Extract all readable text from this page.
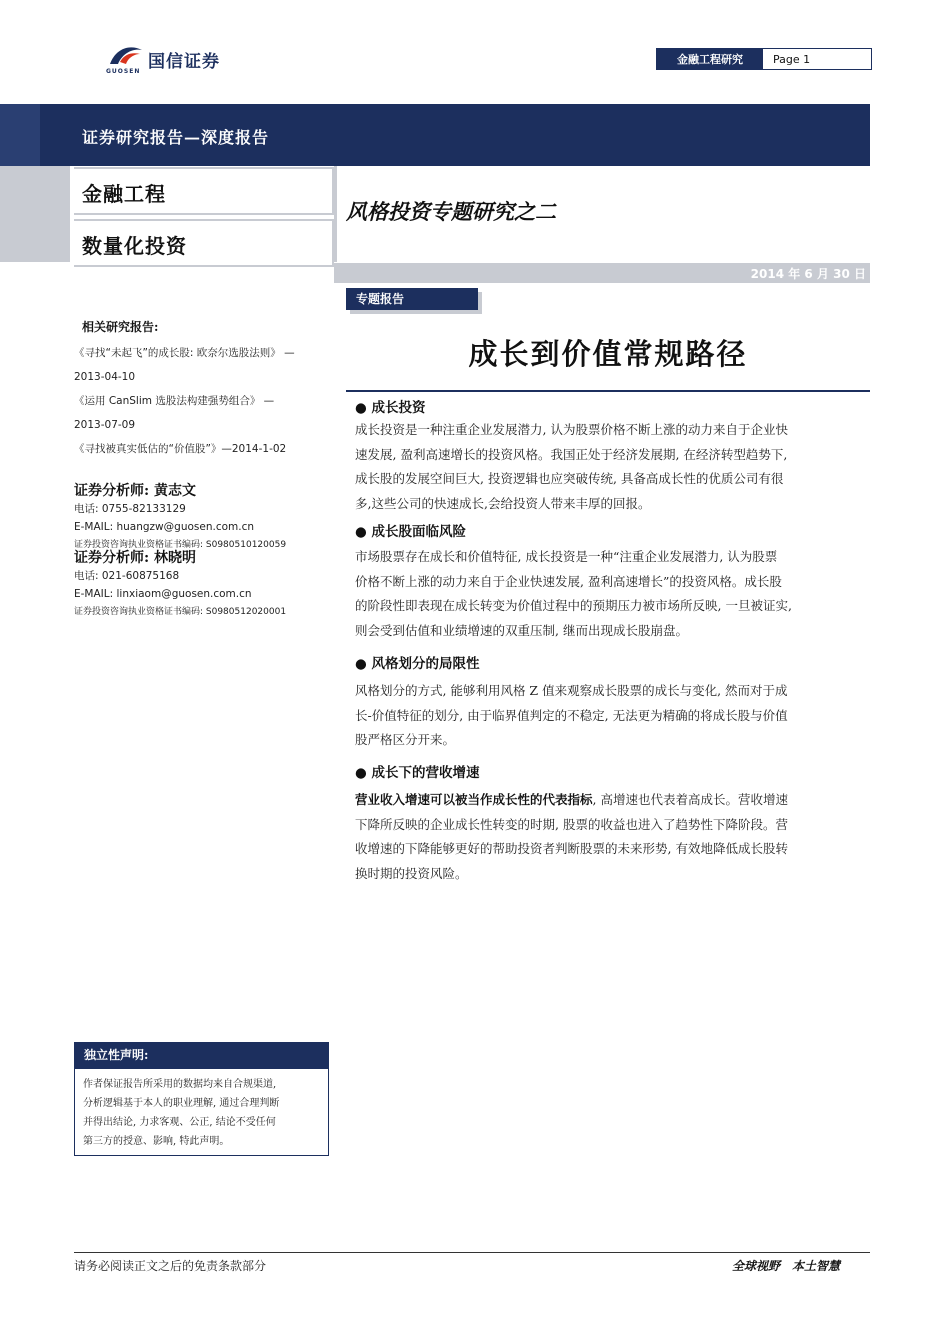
国信证券
GUOSEN
金融工程研究	Page 1
证券研究报告—深度报告
金融工程
数量化投资
风格投资专题研究之二
2014 年 6 月 30 日
相关研究报告:
《寻找“未起飞”的成长股: 欧奈尔选股法则》 —
2013-04-10
《运用 CanSlim 选股法构建强势组合》 —
2013-07-09
《寻找被真实低估的“价值股”》—2014-1-02
证券分析师: 黄志文
电话: 0755-82133129
E-MAIL: huangzw@guosen.com.cn
证券投资咨询执业资格证书编码: S0980510120059
证券分析师: 林晓明
电话: 021-60875168
E-MAIL: linxiaom@guosen.com.cn
证券投资咨询执业资格证书编码: S0980512020001
独立性声明:
作者保证报告所采用的数据均来自合规渠道,
分析逻辑基于本人的职业理解, 通过合理判断
并得出结论, 力求客观、公正, 结论不受任何
第三方的授意、影响, 特此声明。
专题报告
成长到价值常规路径
● 成长投资
成长投资是一种注重企业发展潜力, 认为股票价格不断上涨的动力来自于企业快
速发展, 盈利高速增长的投资风格。我国正处于经济发展期, 在经济转型趋势下,
成长股的发展空间巨大, 投资逻辑也应突破传统, 具备高成长性的优质公司有很
多,这些公司的快速成长,会给投资人带来丰厚的回报。
● 成长股面临风险
市场股票存在成长和价值特征, 成长投资是一种“注重企业发展潜力, 认为股票
价格不断上涨的动力来自于企业快速发展, 盈利高速增长”的投资风格。成长股
的阶段性即表现在成长转变为价值过程中的预期压力被市场所反映, 一旦被证实,
则会受到估值和业绩增速的双重压制, 继而出现成长股崩盘。
● 风格划分的局限性
风格划分的方式, 能够利用风格 Z 值来观察成长股票的成长与变化, 然而对于成
长-价值特征的划分, 由于临界值判定的不稳定, 无法更为精确的将成长股与价值
股严格区分开来。
● 成长下的营收增速
营业收入增速可以被当作成长性的代表指标, 高增速也代表着高成长。营收增速
下降所反映的企业成长性转变的时期, 股票的收益也进入了趋势性下降阶段。营
收增速的下降能够更好的帮助投资者判断股票的未来形势, 有效地降低成长股转
换时期的投资风险。
请务必阅读正文之后的免责条款部分	全球视野　本土智慧
